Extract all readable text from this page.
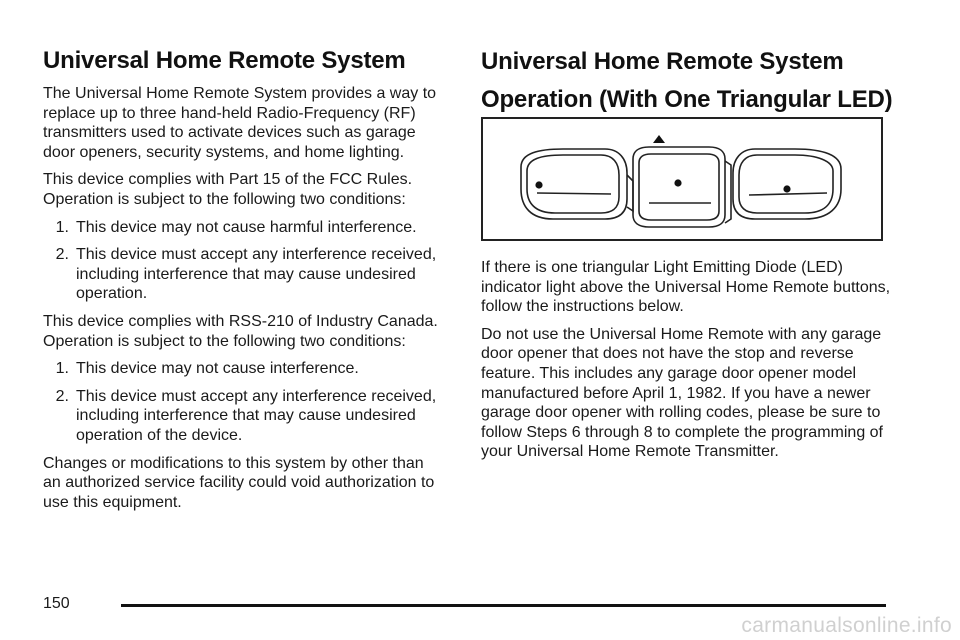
Universal Home Remote System

The Universal Home Remote System provides a way to replace up to three hand-held Radio-Frequency (RF) transmitters used to activate devices such as garage door openers, security systems, and home lighting.

This device complies with Part 15 of the FCC Rules. Operation is subject to the following two conditions:

1. This device may not cause harmful interference.
2. This device must accept any interference received, including interference that may cause undesired operation.

This device complies with RSS-210 of Industry Canada. Operation is subject to the following two conditions:

1. This device may not cause interference.
2. This device must accept any interference received, including interference that may cause undesired operation of the device.

Changes or modifications to this system by other than an authorized service facility could void authorization to use this equipment.

Universal Home Remote System
Operation (With One Triangular LED)

If there is one triangular Light Emitting Diode (LED) indicator light above the Universal Home Remote buttons, follow the instructions below.

Do not use the Universal Home Remote with any garage door opener that does not have the stop and reverse feature. This includes any garage door opener model manufactured before April 1, 1982. If you have a newer garage door opener with rolling codes, please be sure to follow Steps 6 through 8 to complete the programming of your Universal Home Remote Transmitter.

150
carmanualsonline.info
